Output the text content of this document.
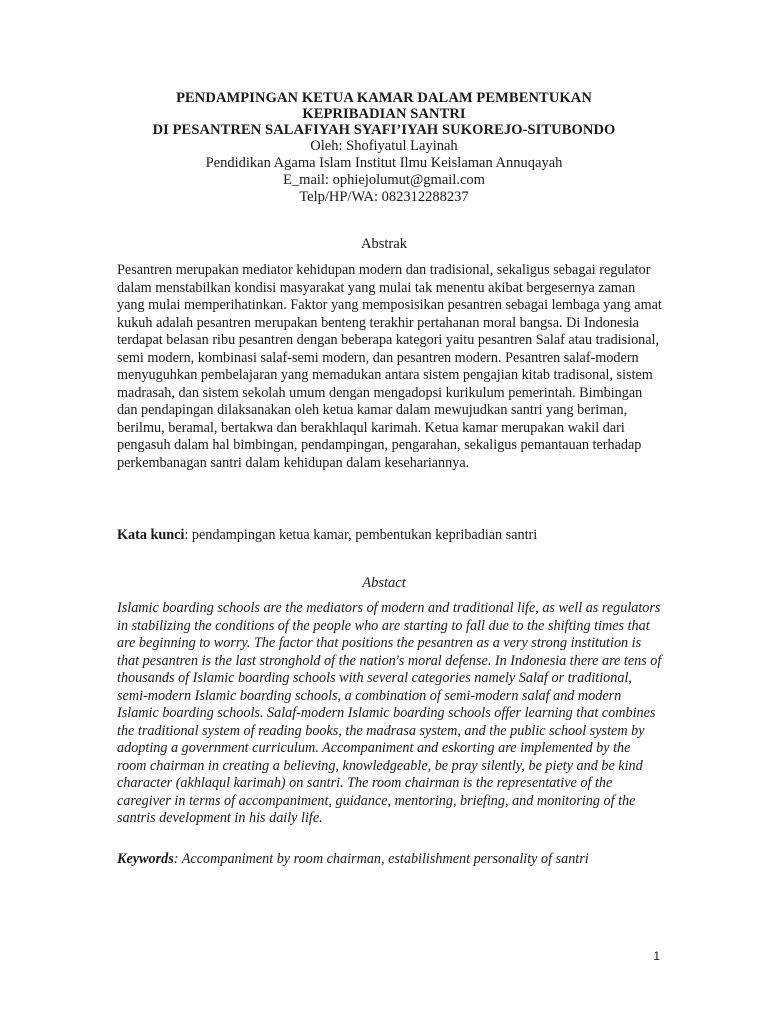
PENDAMPINGAN KETUA KAMAR DALAM PEMBENTUKAN
KEPRIBADIAN SANTRI
DI PESANTREN SALAFIYAH SYAFI’IYAH SUKOREJO-SITUBONDO
Oleh: Shofiyatul Layinah
Pendidikan Agama Islam Institut Ilmu Keislaman Annuqayah
E_mail: ophiejolumut@gmail.com
Telp/HP/WA: 082312288237
Abstrak
Pesantren merupakan mediator kehidupan modern dan tradisional, sekaligus sebagai regulator dalam menstabilkan kondisi masyarakat yang mulai tak menentu akibat bergesernya zaman yang mulai memperihatinkan. Faktor yang memposisikan pesantren sebagai lembaga yang amat kukuh adalah pesantren merupakan benteng terakhir pertahanan moral bangsa. Di Indonesia terdapat belasan ribu pesantren dengan beberapa kategori yaitu pesantren Salaf atau tradisional, semi modern, kombinasi salaf-semi modern, dan pesantren modern. Pesantren salaf-modern menyuguhkan pembelajaran yang memadukan antara sistem pengajian kitab tradisonal, sistem madrasah, dan sistem sekolah umum dengan mengadopsi kurikulum pemerintah. Bimbingan dan pendapingan dilaksanakan oleh ketua kamar dalam mewujudkan santri yang beriman, berilmu, beramal, bertakwa dan berakhlaqul karimah. Ketua kamar merupakan wakil dari pengasuh dalam hal bimbingan, pendampingan, pengarahan, sekaligus pemantauan terhadap perkembanagan santri dalam kehidupan dalam kesehariannya.
Kata kunci: pendampingan ketua kamar, pembentukan kepribadian santri
Abstact
Islamic boarding schools are the mediators of modern and traditional life, as well as regulators in stabilizing the conditions of the people who are starting to fall due to the shifting times that are beginning to worry. The factor that positions the pesantren as a very strong institution is that pesantren is the last stronghold of the nation's moral defense. In Indonesia there are tens of thousands of Islamic boarding schools with several categories namely Salaf or traditional, semi-modern Islamic boarding schools, a combination of semi-modern salaf and modern Islamic boarding schools. Salaf-modern Islamic boarding schools offer learning that combines the traditional system of reading books, the madrasa system, and the public school system by adopting a government curriculum. Accompaniment and eskorting are implemented by the room chairman in creating a believing, knowledgeable, be pray silently, be piety and be kind character (akhlaqul karimah) on santri. The room chairman is the representative of the caregiver in terms of accompaniment, guidance, mentoring, briefing, and monitoring of the santris development in his daily life.
Keywords: Accompaniment by room chairman, estabilishment personality of santri
1
